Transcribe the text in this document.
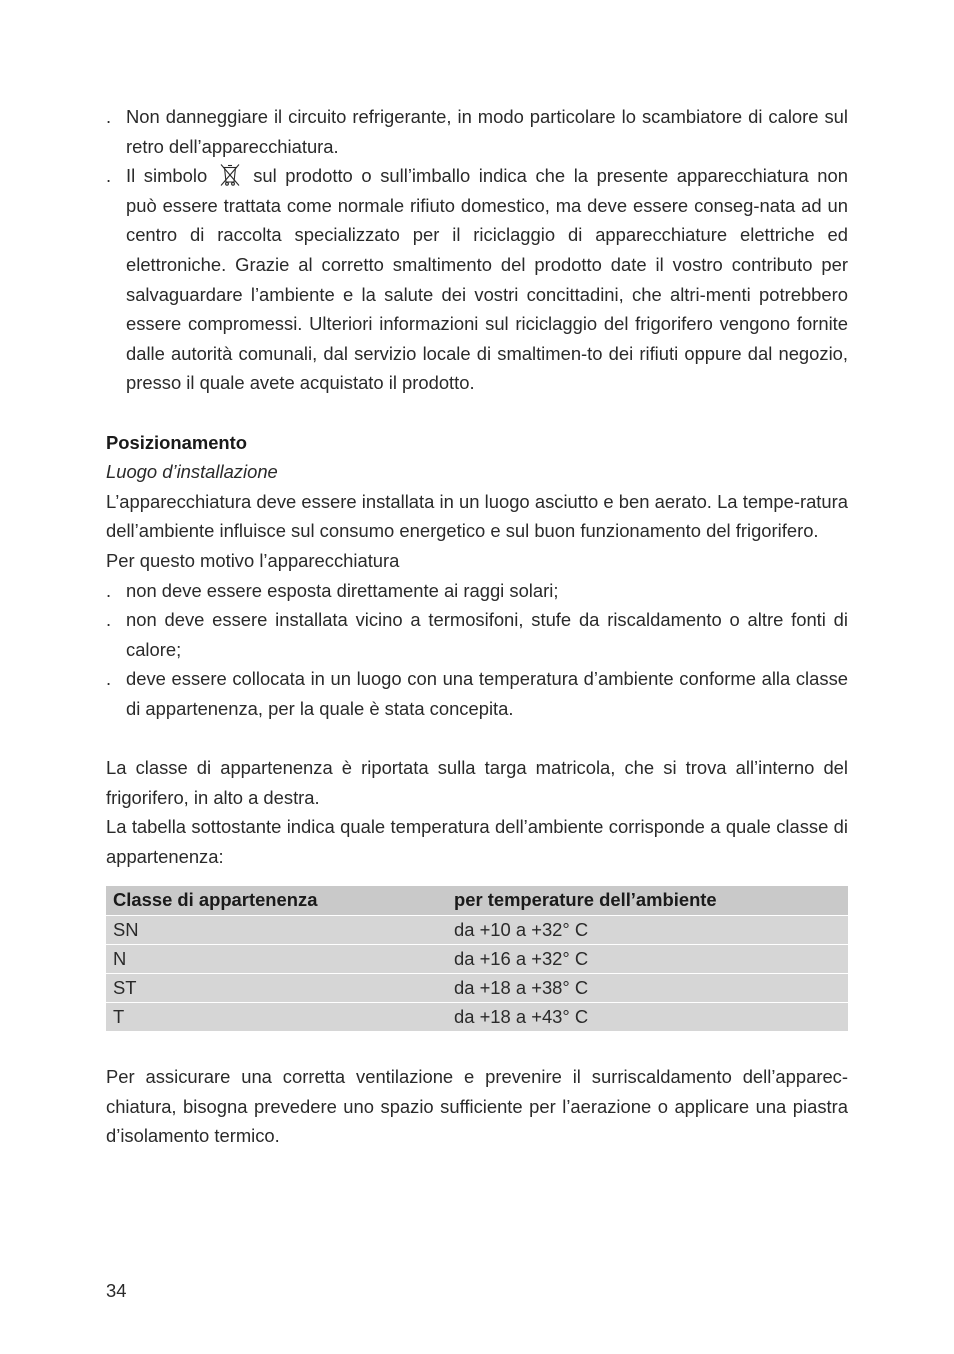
. Non danneggiare il circuito refrigerante, in modo particolare lo scambiatore di calore sul retro dell’apparecchiatura.
. Il simbolo	sul prodotto o sull’imballo indica che la presente apparecchiatura non può essere trattata come normale rifiuto domestico, ma deve essere conseg-nata ad un centro di raccolta specializzato per il riciclaggio di apparecchiature elettriche ed elettroniche. Grazie al corretto smaltimento del prodotto date il vostro contributo per salvaguardare l’ambiente e la salute dei vostri concittadini, che altri-menti potrebbero essere compromessi. Ulteriori informazioni sul riciclaggio del frigorifero vengono fornite dalle autorità comunali, dal servizio locale di smaltimen-to dei rifiuti oppure dal negozio, presso il quale avete acquistato il prodotto.
Posizionamento
Luogo d’installazione

L’apparecchiatura deve essere installata in un luogo asciutto e ben aerato. La tempe-ratura dell’ambiente influisce sul consumo energetico e sul buon funzionamento del frigorifero.

Per questo motivo l’apparecchiatura

. non deve essere esposta direttamente ai raggi solari;
. non deve essere installata vicino a termosifoni, stufe da riscaldamento o altre fonti di calore;
. deve essere collocata in un luogo con una temperatura d’ambiente conforme alla classe di appartenenza, per la quale è stata concepita.

La classe di appartenenza è riportata sulla targa matricola, che si trova all’interno del frigorifero, in alto a destra.

La tabella sottostante indica quale temperatura dell’ambiente corrisponde a quale classe di appartenenza:

Classe di appartenenza	per temperature dell’ambiente
SN	da +10 a +32° C
N	da +16 a +32° C
ST	da +18 a +38° C
T	da +18 a +43° C

Per assicurare una corretta ventilazione e prevenire il surriscaldamento dell’apparec-chiatura, bisogna prevedere uno spazio sufficiente per l’aerazione o applicare una piastra d’isolamento termico.

34
